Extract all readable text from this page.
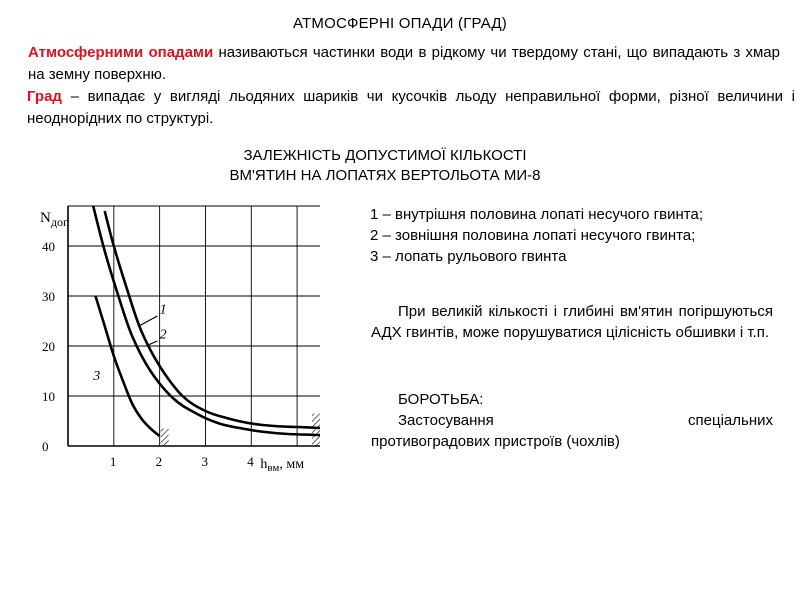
АТМОСФЕРНІ ОПАДИ (ГРАД)
Атмосферними опадами називаються частинки води в рідкому чи твердому стані, що випадають з хмар на земну поверхню.
Град – випадає у вигляді льодяних шариків чи кусочків льоду неправильної форми, різної величини і неоднорідних по структурі.
ЗАЛЕЖНІСТЬ ДОПУСТИМОЇ КІЛЬКОСТІ
ВМ'ЯТИН НА ЛОПАТЯХ ВЕРТОЛЬОТА МИ-8
1
2
3
0
10
20
30
40
1	2	3	4
$N_{доп}$
$h_{вм}$, мм
1 – внутрішня половина лопаті несучого гвинта;
2 – зовнішня половина лопаті несучого гвинта;
3 – лопать рульового гвинта
При великій кількості і глибині вм'ятин погіршуються АДХ гвинтів, може порушуватися цілісність обшивки і т.п.
БОРОТЬБА:
Застосування	спеціальних
противоградових пристроїв (чохлів)
